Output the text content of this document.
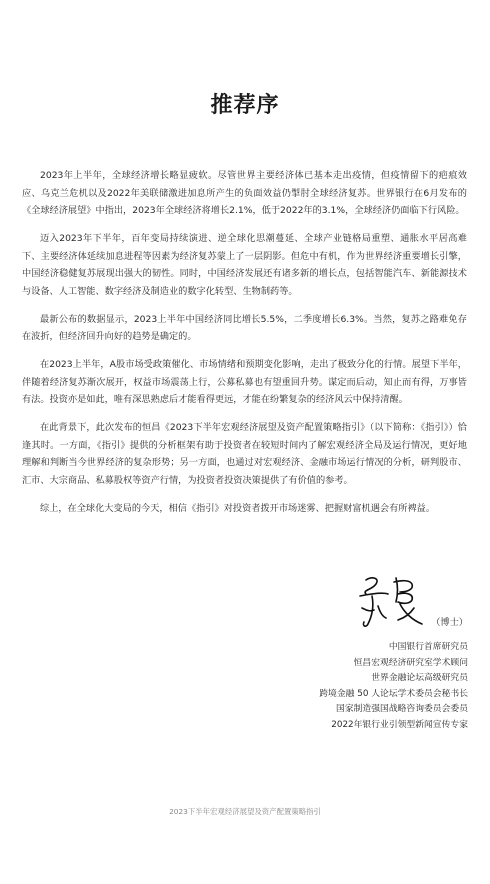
推荐序

2023年上半年，全球经济增长略显疲软。尽管世界主要经济体已基本走出疫情，但疫情留下的疤痕效应、乌克兰危机以及2022年美联储激进加息所产生的负面效益仍掣肘全球经济复苏。世界银行在6月发布的《全球经济展望》中指出，2023年全球经济将增长2.1%，低于2022年的3.1%，全球经济仍面临下行风险。

迈入2023年下半年，百年变局持续演进、逆全球化思潮蔓延、全球产业链格局重塑、通胀水平居高难下、主要经济体延续加息进程等因素为经济复苏蒙上了一层阴影。但危中有机，作为世界经济重要增长引擎，中国经济稳健复苏展现出强大的韧性。同时，中国经济发展还有诸多新的增长点，包括智能汽车、新能源技术与设备、人工智能、数字经济及制造业的数字化转型、生物制药等。

最新公布的数据显示，2023上半年中国经济同比增长5.5%，二季度增长6.3%。当然，复苏之路难免存在波折，但经济回升向好的趋势是确定的。

在2023上半年，A股市场受政策催化、市场情绪和预期变化影响，走出了极致分化的行情。展望下半年，伴随着经济复苏渐次展开，权益市场震荡上行，公募私募也有望重回升势。谋定而后动，知止而有得，万事皆有法。投资亦是如此，唯有深思熟虑后才能看得更远，才能在纷繁复杂的经济风云中保持清醒。

在此背景下，此次发布的恒昌《2023下半年宏观经济展望及资产配置策略指引》（以下简称：《指引》）恰逢其时。一方面，《指引》提供的分析框架有助于投资者在较短时间内了解宏观经济全局及运行情况，更好地理解和判断当今世界经济的复杂形势；另一方面，也通过对宏观经济、金融市场运行情况的分析，研判股市、汇市、大宗商品、私募股权等资产行情，为投资者投资决策提供了有价值的参考。

综上，在全球化大变局的今天，相信《指引》对投资者拨开市场迷雾、把握财富机遇会有所裨益。

（博士）
中国银行首席研究员
恒昌宏观经济研究室学术顾问
世界金融论坛高级研究员
跨境金融 50 人论坛学术委员会秘书长
国家制造强国战略咨询委员会委员
2022年银行业引领型新闻宣传专家
2023下半年宏观经济展望及资产配置策略指引
